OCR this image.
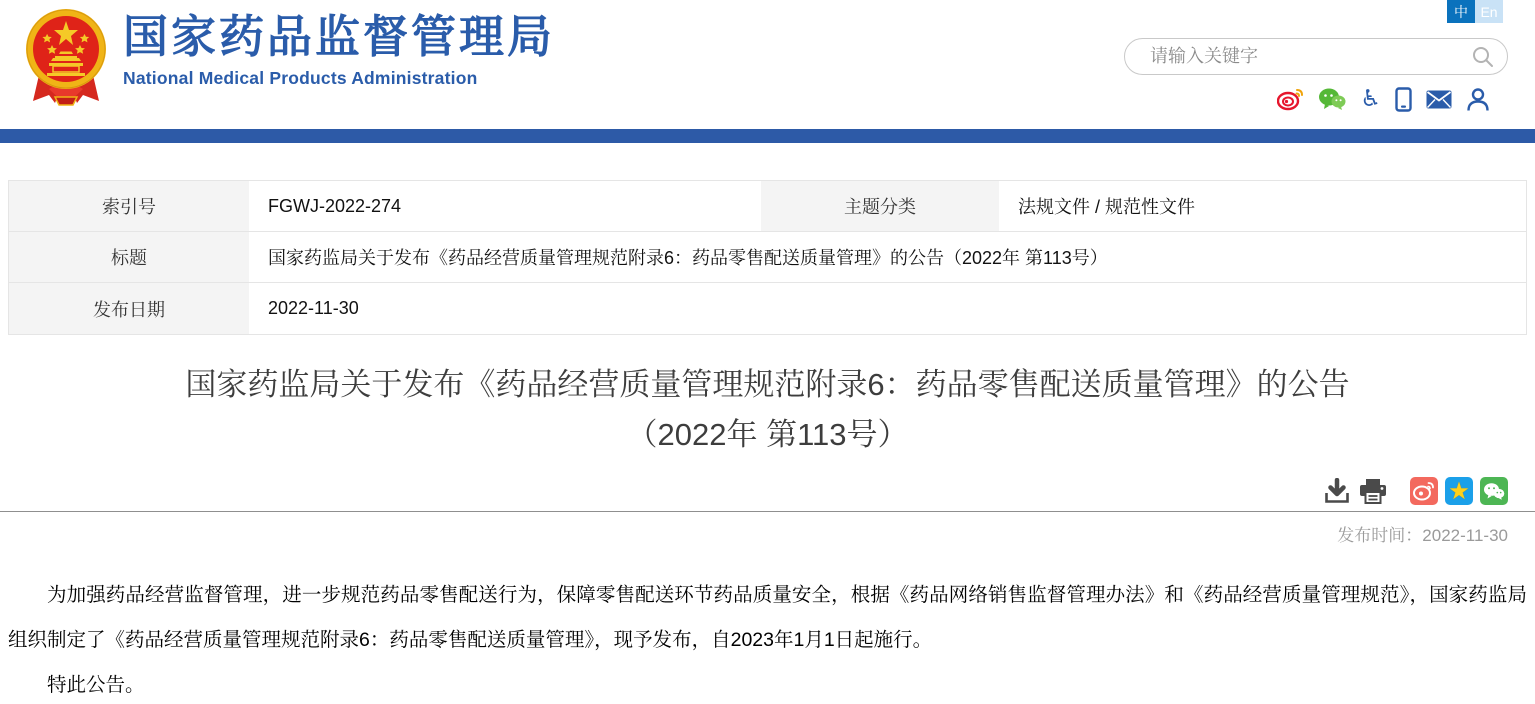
国家药品监督管理局
National Medical Products Administration
中 En
请输入关键字
♿
索引号	FGWJ-2022-274	主题分类	法规文件 / 规范性文件
标题	国家药监局关于发布《药品经营质量管理规范附录6：药品零售配送质量管理》的公告（2022年 第113号）
发布日期	2022-11-30
国家药监局关于发布《药品经营质量管理规范附录6：药品零售配送质量管理》的公告（2022年 第113号）
★
发布时间：2022-11-30

为加强药品经营监督管理，进一步规范药品零售配送行为，保障零售配送环节药品质量安全，根据《药品网络销售监督管理办法》和《药品经营质量管理规范》，国家药监局组织制定了《药品经营质量管理规范附录6：药品零售配送质量管理》，现予发布，自2023年1月1日起施行。

特此公告。
